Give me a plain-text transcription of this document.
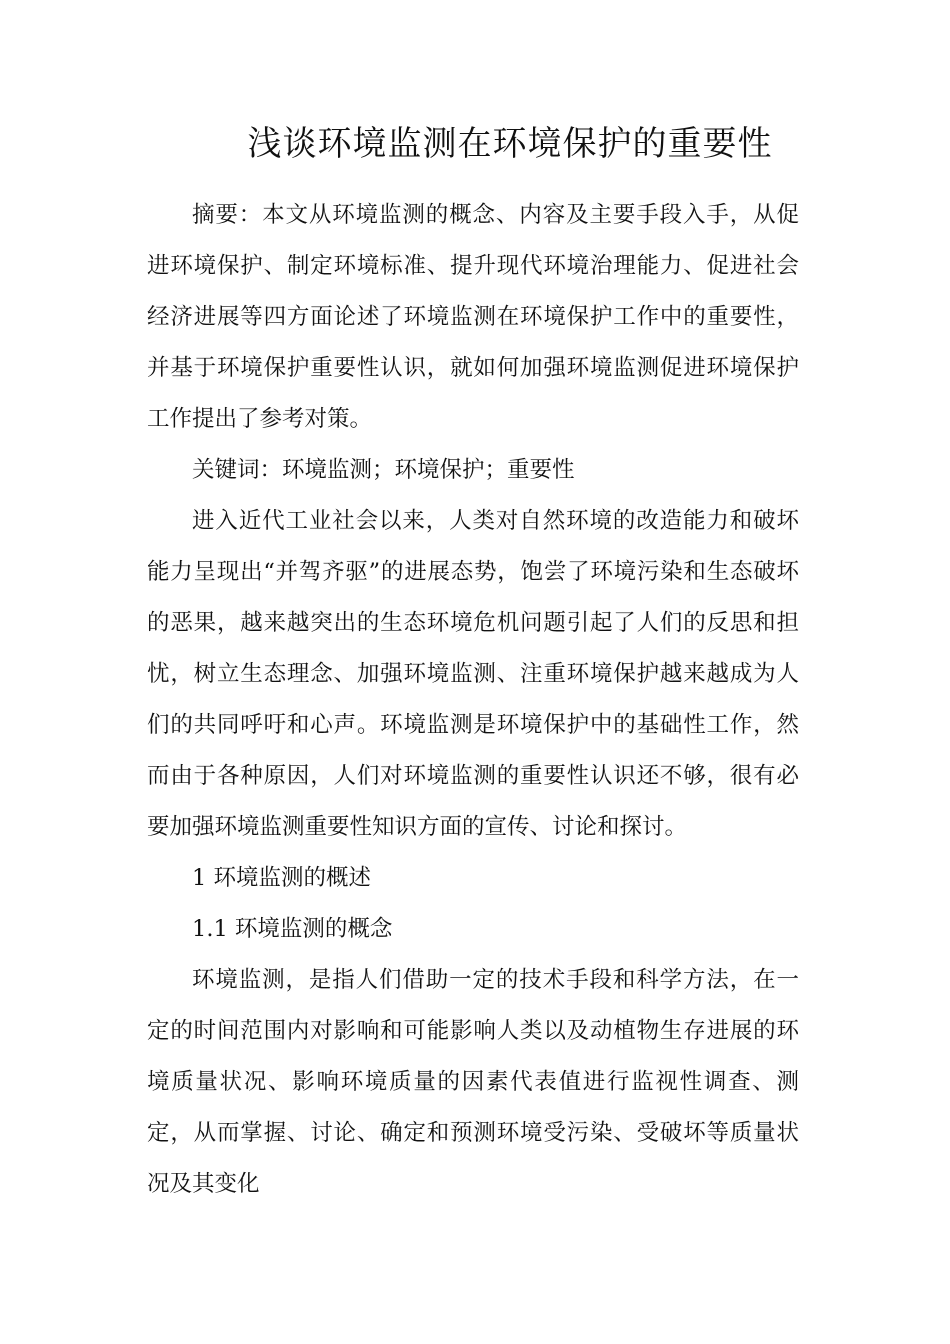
浅谈环境监测在环境保护的重要性

摘要：本文从环境监测的概念、内容及主要手段入手，从促进环境保护、制定环境标准、提升现代环境治理能力、促进社会经济进展等四方面论述了环境监测在环境保护工作中的重要性，并基于环境保护重要性认识，就如何加强环境监测促进环境保护工作提出了参考对策。

关键词：环境监测；环境保护；重要性

进入近代工业社会以来，人类对自然环境的改造能力和破坏能力呈现出“并驾齐驱”的进展态势，饱尝了环境污染和生态破坏的恶果，越来越突出的生态环境危机问题引起了人们的反思和担忧，树立生态理念、加强环境监测、注重环境保护越来越成为人们的共同呼吁和心声。环境监测是环境保护中的基础性工作，然而由于各种原因，人们对环境监测的重要性认识还不够，很有必要加强环境监测重要性知识方面的宣传、讨论和探讨。

1 环境监测的概述

1.1 环境监测的概念

环境监测，是指人们借助一定的技术手段和科学方法，在一定的时间范围内对影响和可能影响人类以及动植物生存进展的环境质量状况、影响环境质量的因素代表值进行监视性调查、测定，从而掌握、讨论、确定和预测环境受污染、受破坏等质量状况及其变化
